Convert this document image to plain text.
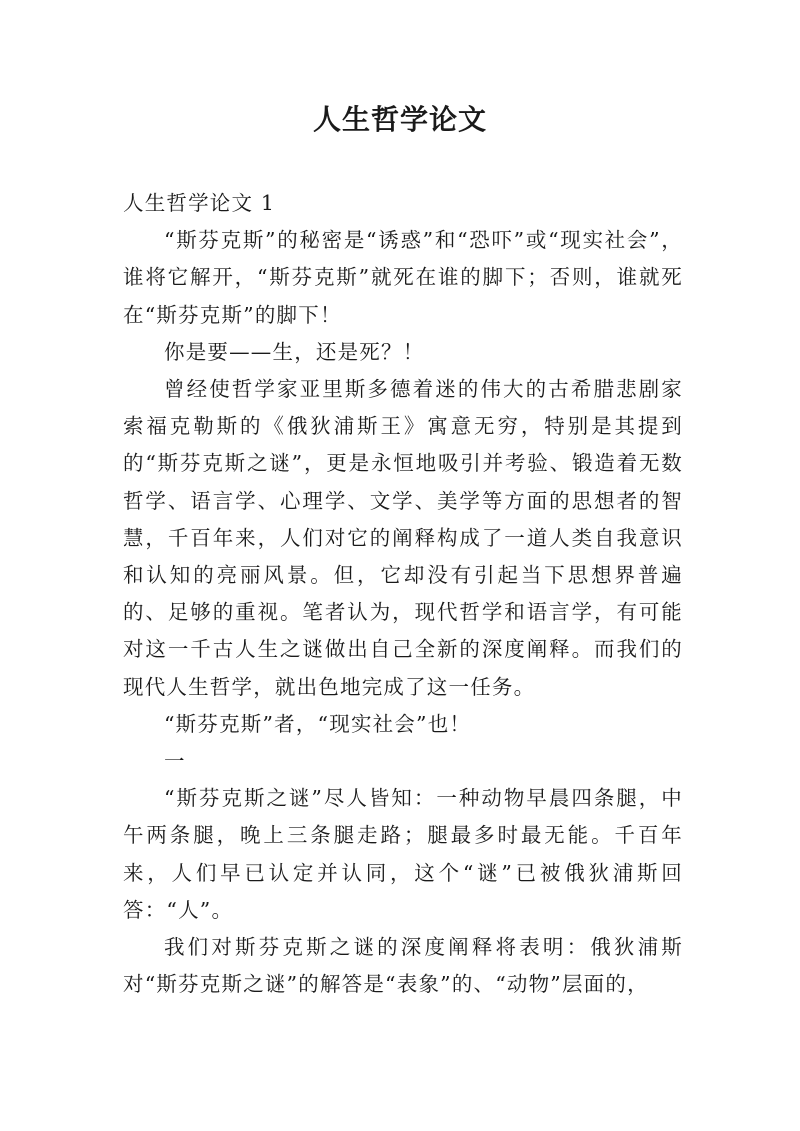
人生哲学论文

人生哲学论文 1

“斯芬克斯”的秘密是“诱惑”和“恐吓”或“现实社会”，谁将它解开，“斯芬克斯”就死在谁的脚下；否则，谁就死在“斯芬克斯”的脚下！

你是要——生，还是死？！

曾经使哲学家亚里斯多德着迷的伟大的古希腊悲剧家索福克勒斯的《俄狄浦斯王》寓意无穷，特别是其提到的“斯芬克斯之谜”，更是永恒地吸引并考验、锻造着无数哲学、语言学、心理学、文学、美学等方面的思想者的智慧，千百年来，人们对它的阐释构成了一道人类自我意识和认知的亮丽风景。但，它却没有引起当下思想界普遍的、足够的重视。笔者认为，现代哲学和语言学，有可能对这一千古人生之谜做出自己全新的深度阐释。而我们的现代人生哲学，就出色地完成了这一任务。

“斯芬克斯”者，“现实社会”也！

一

“斯芬克斯之谜”尽人皆知：一种动物早晨四条腿，中午两条腿，晚上三条腿走路；腿最多时最无能。千百年来，人们早已认定并认同，这个“谜”已被俄狄浦斯回答：“人”。

我们对斯芬克斯之谜的深度阐释将表明：俄狄浦斯对“斯芬克斯之谜”的解答是“表象”的、“动物”层面的，
